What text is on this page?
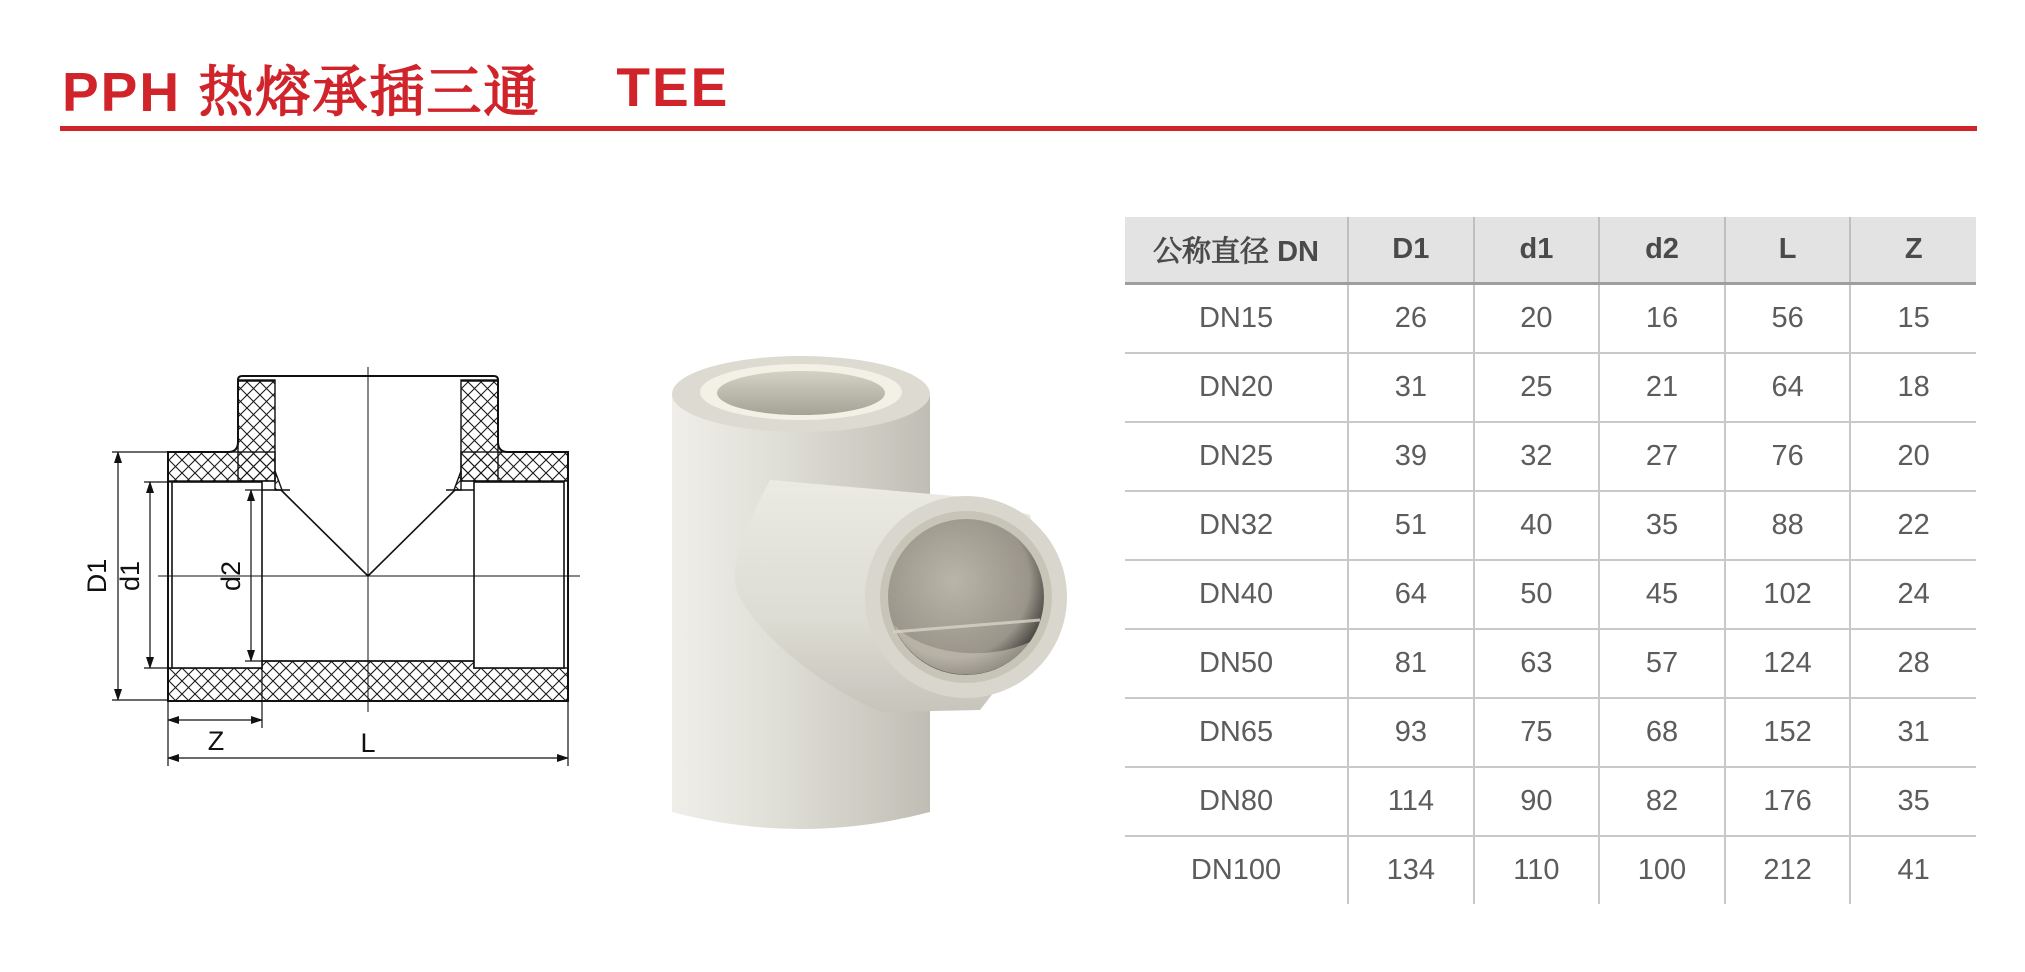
PPH 热熔承插三通 TEE
D1 d1	d2
Z	L
公称直径 DN	D1	d1	d2	L	Z
DN15	26	20	16	56	15
DN20	31	25	21	64	18
DN25	39	32	27	76	20
DN32	51	40	35	88	22
DN40	64	50	45	102	24
DN50	81	63	57	124	28
DN65	93	75	68	152	31
DN80	114	90	82	176	35
DN100	134	110	100	212	41
